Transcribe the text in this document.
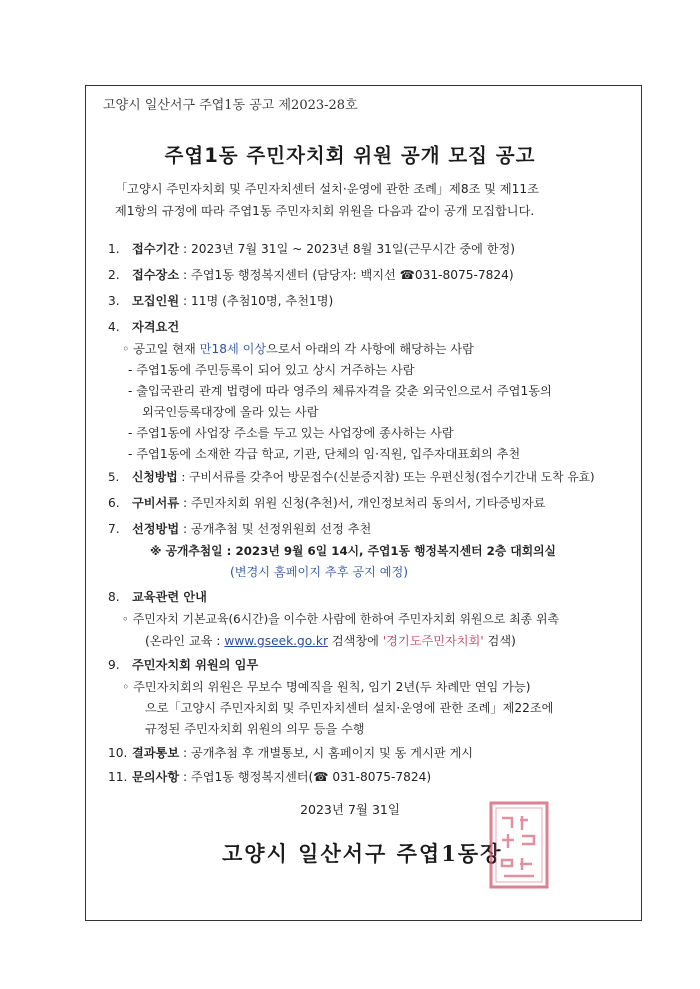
고양시 일산서구 주엽1동 공고 제2023-28호
주엽1동 주민자치회 위원 공개 모집 공고
「고양시 주민자치회 및 주민자치센터 설치·운영에 관한 조례」제8조 및 제11조
제1항의 규정에 따라 주엽1동 주민자치회 위원을 다음과 같이 공개 모집합니다.
1. 접수기간 : 2023년 7월 31일 ~ 2023년 8월 31일(근무시간 중에 한정)
2. 접수장소 : 주엽1동 행정복지센터 (담당자: 백지선 ☎031-8075-7824)
3. 모집인원 : 11명 (추첨10명, 추천1명)
4. 자격요건
◦ 공고일 현재 만18세 이상으로서 아래의 각 사항에 해당하는 사람
- 주엽1동에 주민등록이 되어 있고 상시 거주하는 사람
- 출입국관리 관계 법령에 따라 영주의 체류자격을 갖춘 외국인으로서 주엽1동의
외국인등록대장에 올라 있는 사람
- 주엽1동에 사업장 주소를 두고 있는 사업장에 종사하는 사람
- 주엽1동에 소재한 각급 학교, 기관, 단체의 임·직원, 입주자대표회의 추천
5. 신청방법 : 구비서류를 갖추어 방문접수(신분증지참) 또는 우편신청(접수기간내 도착 유효)
6. 구비서류 : 주민자치회 위원 신청(추천)서, 개인정보처리 동의서, 기타증빙자료
7. 선정방법 : 공개추첨 및 선정위원회 선정 추천
※ 공개추첨일 : 2023년 9월 6일 14시, 주엽1동 행정복지센터 2층 대회의실
(변경시 홈페이지 추후 공지 예정)
8. 교육관련 안내
◦ 주민자치 기본교육(6시간)을 이수한 사람에 한하여 주민자치회 위원으로 최종 위촉
(온라인 교육 : www.gseek.go.kr 검색창에 '경기도주민자치회' 검색)
9. 주민자치회 위원의 임무
◦ 주민자치회의 위원은 무보수 명예직을 원칙, 임기 2년(두 차례만 연임 가능)
으로「고양시 주민자치회 및 주민자치센터 설치·운영에 관한 조례」제22조에
규정된 주민자치회 위원의 의무 등을 수행
10. 결과통보 : 공개추첨 후 개별통보, 시 홈페이지 및 동 게시판 게시
11. 문의사항 : 주엽1동 행정복지센터(☎ 031-8075-7824)
2023년 7월 31일
고양시 일산서구 주엽1동장
